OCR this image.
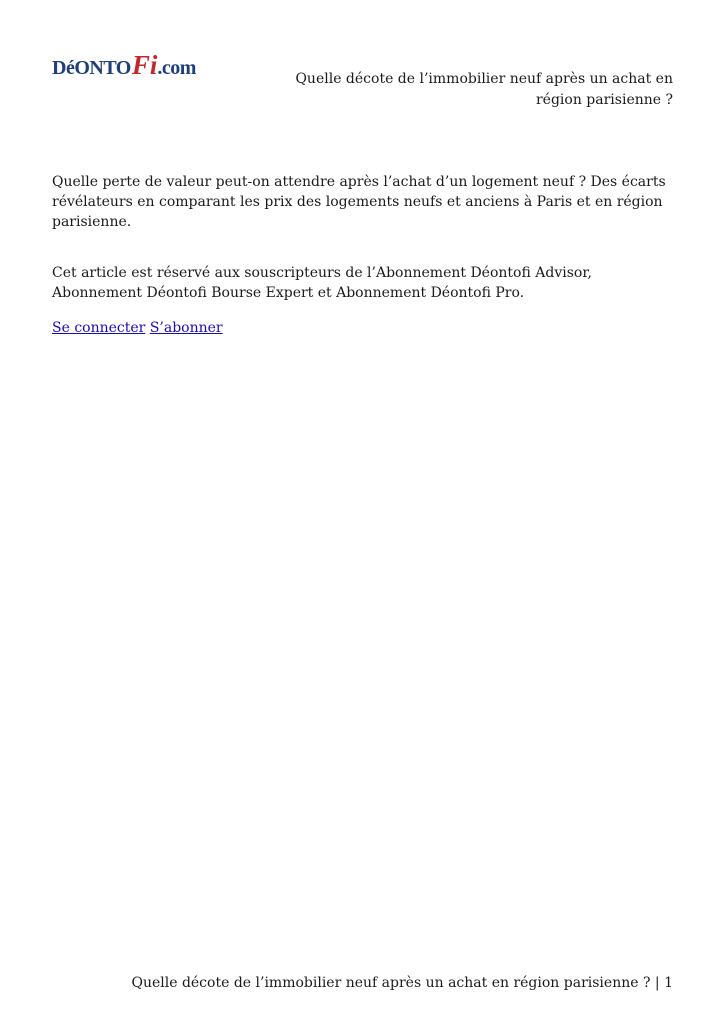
DéONTO Fi .com	Quelle décote de l’immobilier neuf après un achat en région parisienne ?

Quelle perte de valeur peut-on attendre après l’achat d’un logement neuf ? Des écarts révélateurs en comparant les prix des logements neufs et anciens à Paris et en région parisienne.

Cet article est réservé aux souscripteurs de l’Abonnement Déontofi Advisor, Abonnement Déontofi Bourse Expert et Abonnement Déontofi Pro.

Se connecter S’abonner
Quelle décote de l’immobilier neuf après un achat en région parisienne ? | 1
